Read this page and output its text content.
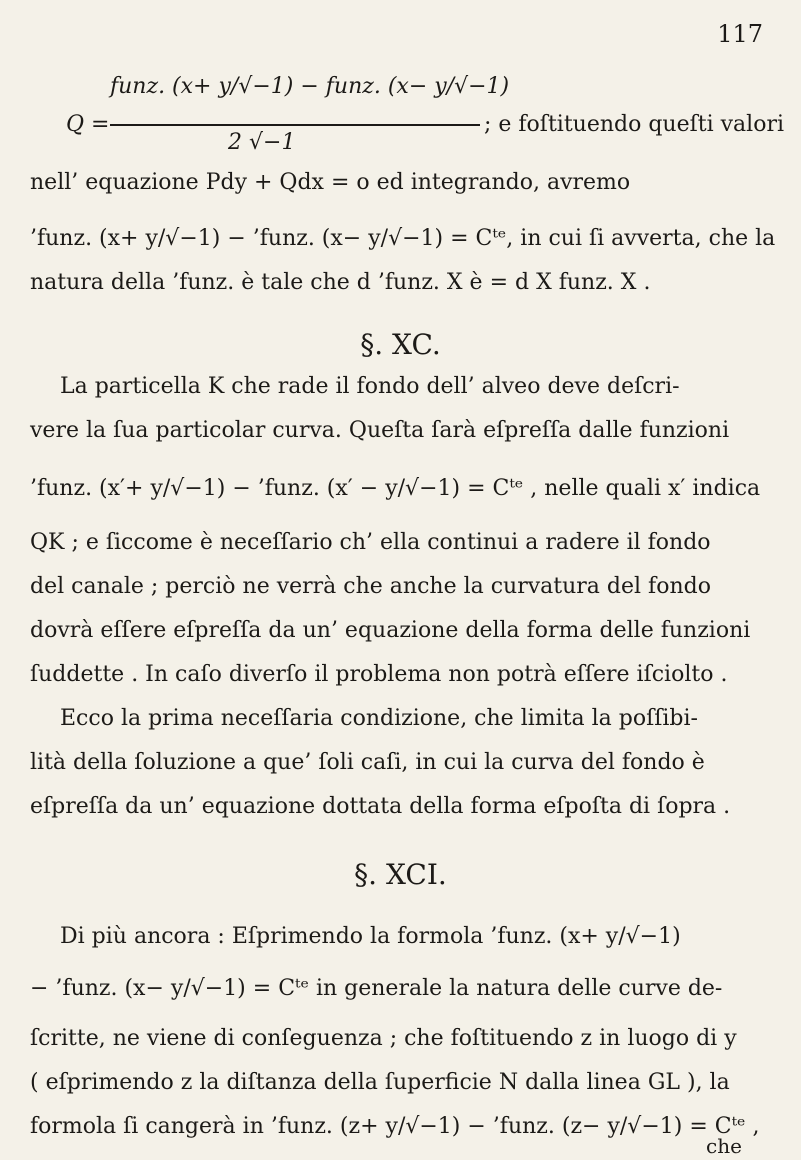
117
funz. (x+ y/√−1) − funz. (x− y/√−1)
Q =
2 √−1
; e foſtituendo queſti valori
nell’ equazione Pdy + Qdx = o ed integrando, avremo
’funz. (x+ y/√−1) − ’funz. (x− y/√−1) = Cᵗᵉ, in cui ſi avverta, che la
natura della ’funz. è tale che d ’funz. X è = d X funz. X .
§. XC.
La particella K che rade il fondo dell’ alveo deve deſcri-
vere la ſua particolar curva. Queſta ſarà eſpreſſa dalle funzioni
’funz. (x′+ y/√−1) − ’funz. (x′ − y/√−1) = Cᵗᵉ , nelle quali x′ indica
QK ; e ſiccome è neceſſario ch’ ella continui a radere il fondo
del canale ; perciò ne verrà che anche la curvatura del fondo
dovrà eſſere eſpreſſa da un’ equazione della forma delle funzioni
ſuddette . In caſo diverſo il problema non potrà eſſere iſciolto .
Ecco la prima neceſſaria condizione, che limita la poſſibi-
lità della ſoluzione a que’ ſoli caſi, in cui la curva del fondo è
eſpreſſa da un’ equazione dottata della forma eſpoſta di ſopra .
§. XCI.
Di più ancora : Eſprimendo la formola ’funz. (x+ y/√−1)
− ’funz. (x− y/√−1) = Cᵗᵉ in generale la natura delle curve de-
ſcritte, ne viene di conſeguenza ; che foſtituendo z in luogo di y
( eſprimendo z la diſtanza della ſuperficie N dalla linea GL ), la
formola ſi cangerà in ’funz. (z+ y/√−1) − ’funz. (z− y/√−1) = Cᵗᵉ ,
che
